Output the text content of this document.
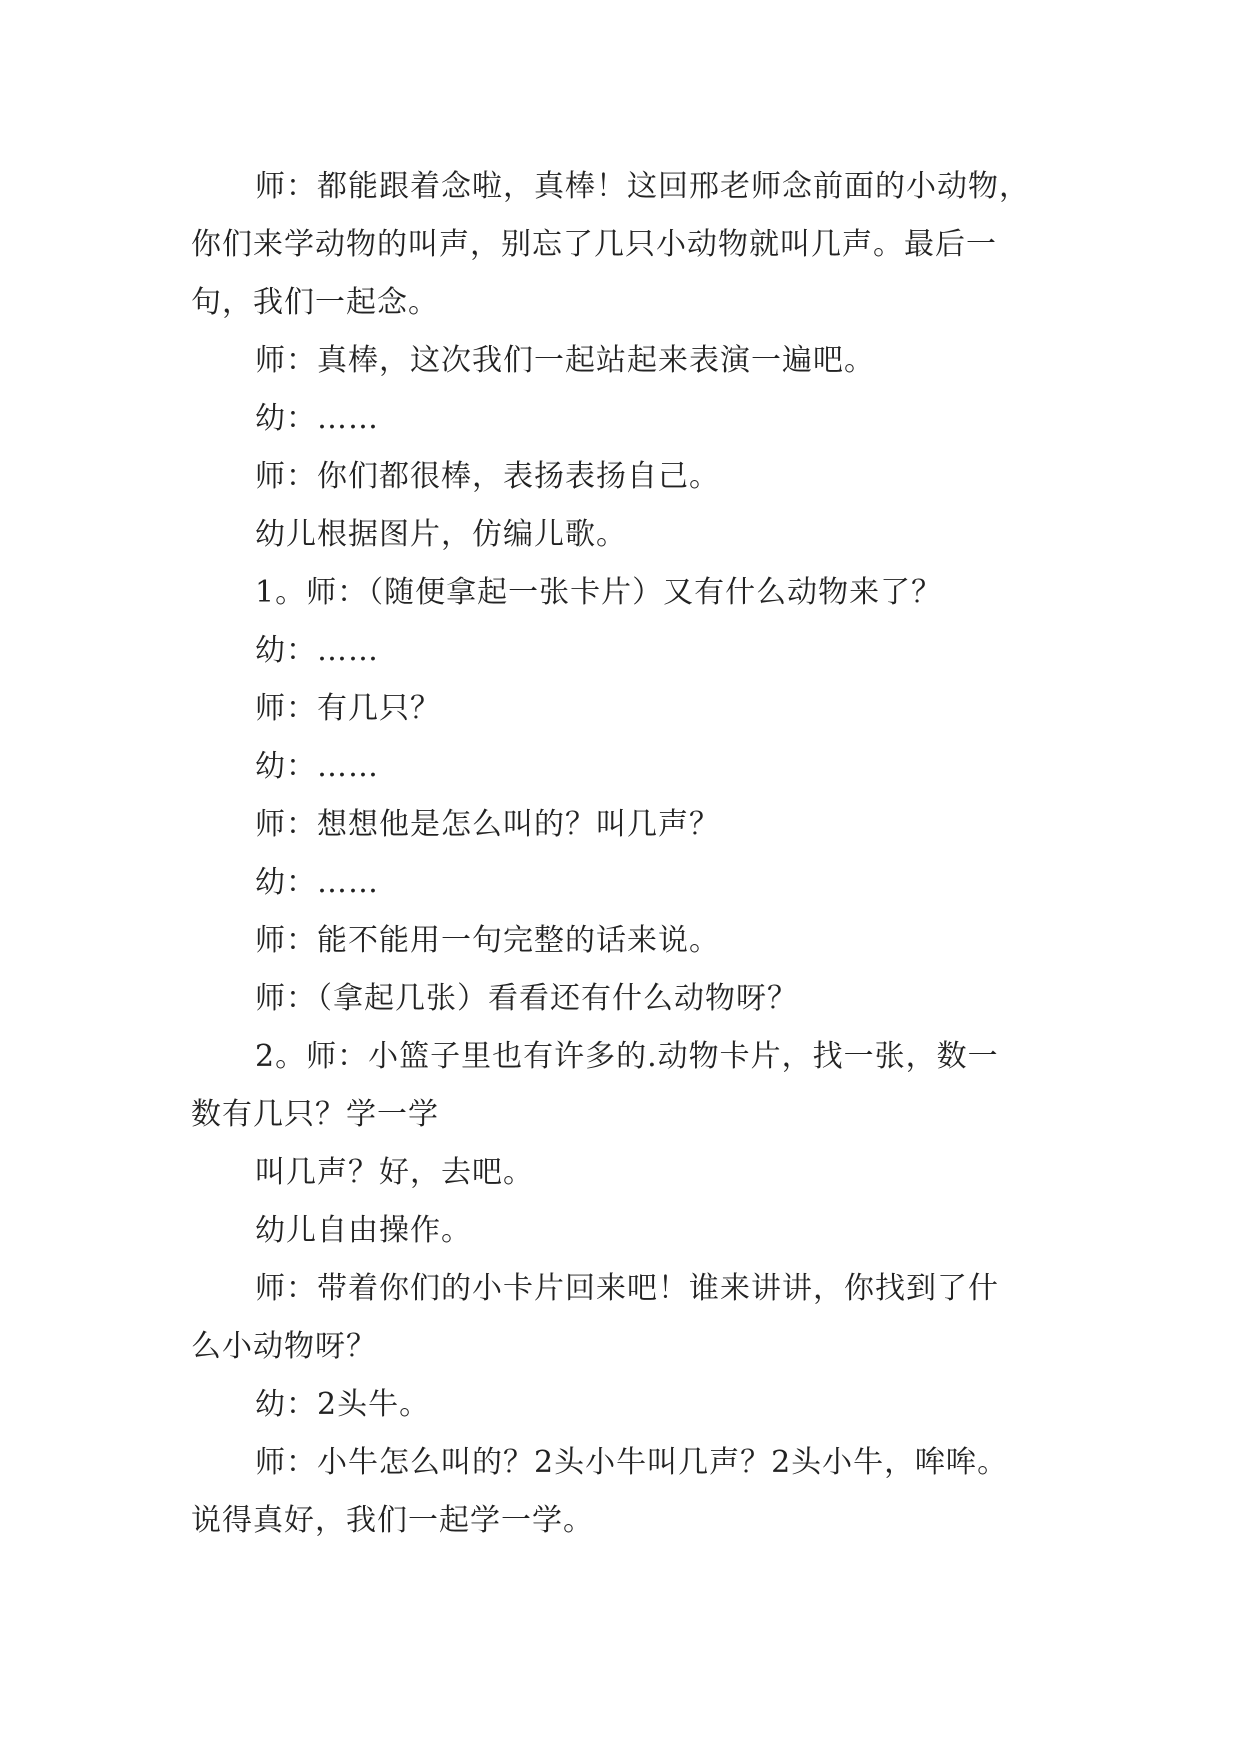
师：都能跟着念啦，真棒！这回邢老师念前面的小动物，
你们来学动物的叫声，别忘了几只小动物就叫几声。最后一
句，我们一起念。

师：真棒，这次我们一起站起来表演一遍吧。

幼：……

师：你们都很棒，表扬表扬自己。

幼儿根据图片，仿编儿歌。

1。师：（随便拿起一张卡片）又有什么动物来了？

幼：……

师：有几只？

幼：……

师：想想他是怎么叫的？叫几声？

幼：……

师：能不能用一句完整的话来说。

师：（拿起几张）看看还有什么动物呀？

2。师：小篮子里也有许多的.动物卡片，找一张，数一
数有几只？学一学

叫几声？好，去吧。

幼儿自由操作。

师：带着你们的小卡片回来吧！谁来讲讲，你找到了什
么小动物呀？

幼：2头牛。

师：小牛怎么叫的？2头小牛叫几声？2头小牛，哞哞。
说得真好，我们一起学一学。
